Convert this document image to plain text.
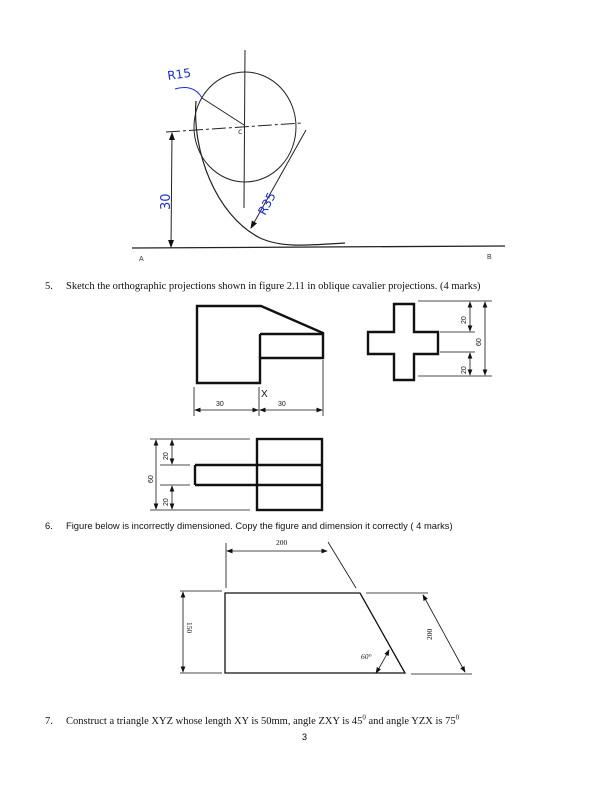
R15
R35
30
c
A	B
30	30
X
20
20
60
60
20
20
200
150
200
60°
5. Sketch the orthographic projections shown in figure 2.11 in oblique cavalier projections. (4 marks)
6. Figure below is incorrectly dimensioned. Copy the figure and dimension it correctly ( 4 marks)
7. Construct a triangle XYZ whose length XY is 50mm, angle ZXY is $45^0$ and angle YZX is $75^0$
3
